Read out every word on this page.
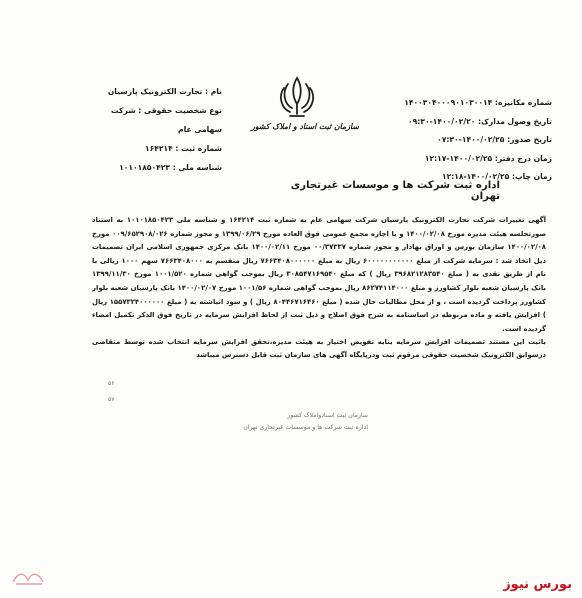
شماره مکانیزه: ۱۴۰۰۳۰۴۰۰۰۹۰۱۰۳۰۰۱۴
تاریخ وصول مدارک: ۱۴۰۰/۰۲/۲۰-۰۹:۳۰
تاریخ صدور: ۱۴۰۰/۰۲/۲۵-۰۷:۳۰
زمان درج دفتر: ۱۴۰۰/۰۲/۲۵-۱۲:۱۷
زمان چاپ: ۱۴۰۰/۰۲/۲۵-۱۲:۱۸
سازمان ثبت اسناد و املاک کشور
نام : تجارت الکترونیک پارسیان
نوع شخصیت حقوقی : شرکت سهامی عام
شماره ثبت : ۱۶۴۲۱۴
شناسه ملی : ۱۰۱۰۱۸۵۰۴۲۳
اداره ثبت شرکت ها و موسسات غیرتجاری تهران
آگهی تغییرات شرکت تجارت الکترونیک پارسیان شرکت سهامی عام به شماره ثبت ۱۶۴۲۱۴ و شناسه ملی ۱۰۱۰۱۸۵۰۴۲۳ به استناد صورتجلسه هیئت مدیره مورخ ۱۴۰۰/۰۲/۰۸ و با اجازه مجمع عمومی فوق العاده مورخ ۱۳۹۹/۰۶/۲۹ و مجوز شماره ۰۰۹/۶۵۲۹۰۸/۰۲۶ مورخ ۱۴۰۰/۰۲/۰۸ سازمان بورس و اوراق بهادار و مجوز شماره ۰۰/۳۷۳۳۷ مورخ ۱۴۰۰/۰۲/۱۱ بانک مرکزی جمهوری اسلامی ایران تصمیمات ذیل اتخاذ شد : سرمایه شرکت از مبلغ ۶۰۰۰۰۰۰۰۰۰۰۰ ریال به مبلغ ۷۶۶۳۴۰۸۰۰۰۰۰۰ ریال منقسم به ۷۶۶۳۴۰۸۰۰۰ سهم ۱۰۰۰ ریالی با نام از طریق نقدی به ( مبلغ ۳۹۶۸۲۱۲۸۳۵۴۰ ریال ) که مبلغ ۳۰۸۵۴۷۱۶۹۵۴۰ ریال بموجب گواهی شماره ۱۰۰۱/۵۲۰ مورخ ۱۳۹۹/۱۱/۳۰ بانک پارسیان شعبه بلوار کشاورز و مبلغ ۸۶۲۷۴۱۱۴۰۰۰ ریال بموجب گواهی شماره ۱۰۰۱/۵۶ مورخ ۱۴۰۰/۰۲/۰۷ بانک پارسیان شعبه بلوار کشاورز پرداخت گردیده است ، و از محل مطالبات حال شده ( مبلغ ۸۰۴۴۶۷۱۶۴۶۰ ریال ) و سود انباشته به ( مبلغ ۱۵۵۷۳۲۴۰۰۰۰۰۰ ریال ) افزایش یافته و ماده مربوطه در اساسنامه به شرح فوق اصلاح و ذیل ثبت از لحاظ افزایش سرمایه در تاریخ فوق الذکر تکمیل امضاء گردیده است.
باثبت این مستند تصمیمات افزایش سرمایه بنابه تفویض اختیار به هیئت مدیره،تحقق افزایش سرمایه انتخاب شده توسط متقاضی درسوابق الکترونیک شخصیت حقوقی مرقوم ثبت ودرپایگاه آگهی های سازمان ثبت قابل دسترس میباشد
۵۶
۵۷
سازمان ثبت اسنادواملاک کشور
اداره ثبت شرکت ها و موسسات غیرتجاری تهران
بورس نیوز
